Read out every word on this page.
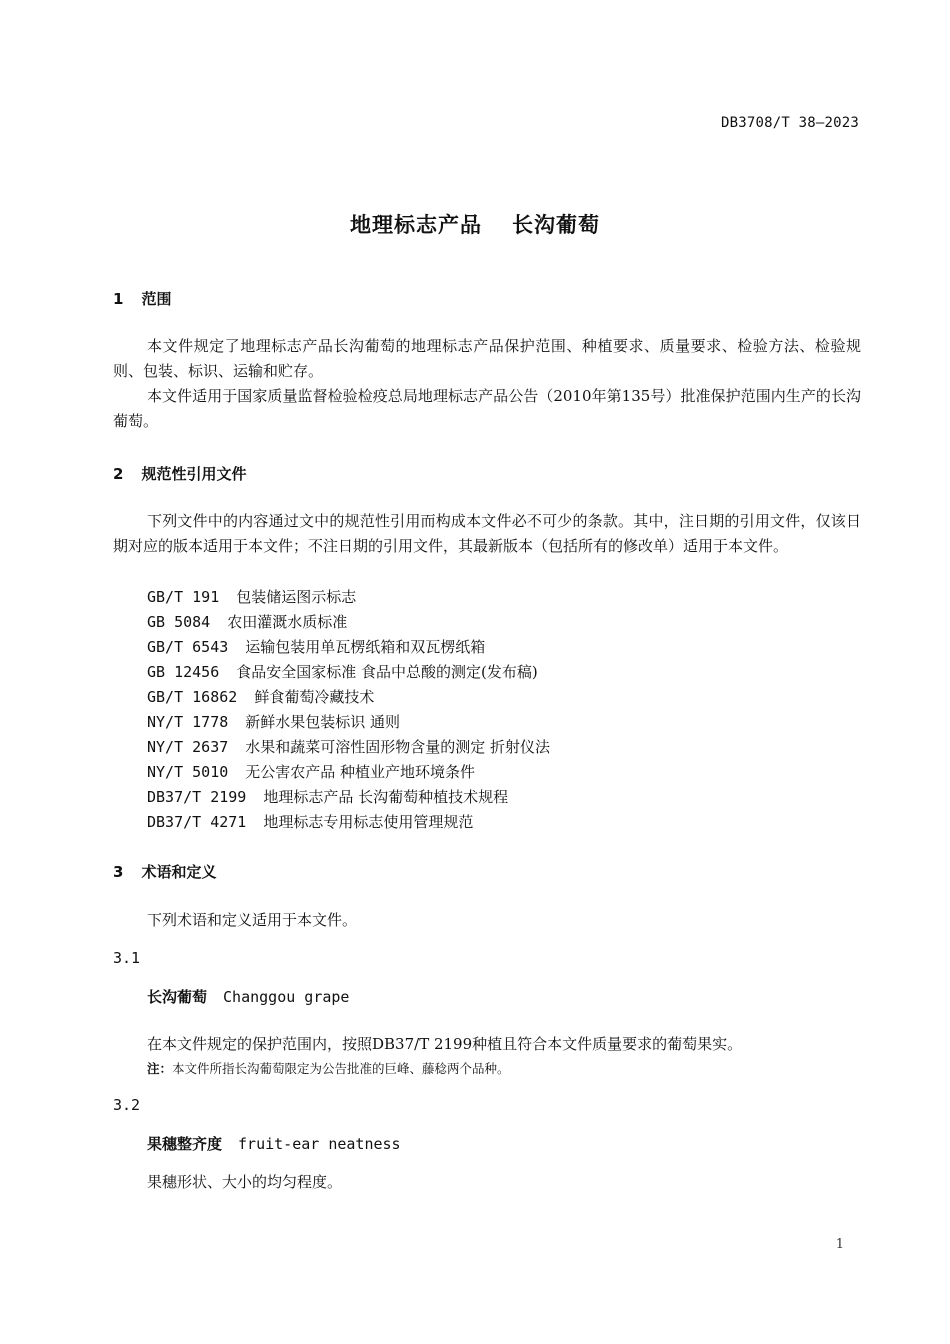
DB3708/T 38—2023
地理标志产品 长沟葡萄
1 范围
本文件规定了地理标志产品长沟葡萄的地理标志产品保护范围、种植要求、质量要求、检验方法、检验规则、包装、标识、运输和贮存。
本文件适用于国家质量监督检验检疫总局地理标志产品公告（2010年第135号）批准保护范围内生产的长沟葡萄。
2 规范性引用文件
下列文件中的内容通过文中的规范性引用而构成本文件必不可少的条款。其中，注日期的引用文件，仅该日期对应的版本适用于本文件；不注日期的引用文件，其最新版本（包括所有的修改单）适用于本文件。
GB/T 191 包装储运图示标志
GB 5084 农田灌溉水质标准
GB/T 6543 运输包装用单瓦楞纸箱和双瓦楞纸箱
GB 12456 食品安全国家标准 食品中总酸的测定(发布稿)
GB/T 16862 鲜食葡萄冷藏技术
NY/T 1778 新鲜水果包装标识 通则
NY/T 2637 水果和蔬菜可溶性固形物含量的测定 折射仪法
NY/T 5010 无公害农产品 种植业产地环境条件
DB37/T 2199 地理标志产品 长沟葡萄种植技术规程
DB37/T 4271 地理标志专用标志使用管理规范
3 术语和定义
下列术语和定义适用于本文件。
3.1
长沟葡萄 Changgou grape
在本文件规定的保护范围内，按照DB37/T 2199种植且符合本文件质量要求的葡萄果实。
注：本文件所指长沟葡萄限定为公告批准的巨峰、藤稔两个品种。
3.2
果穗整齐度 fruit-ear neatness
果穗形状、大小的均匀程度。
1
